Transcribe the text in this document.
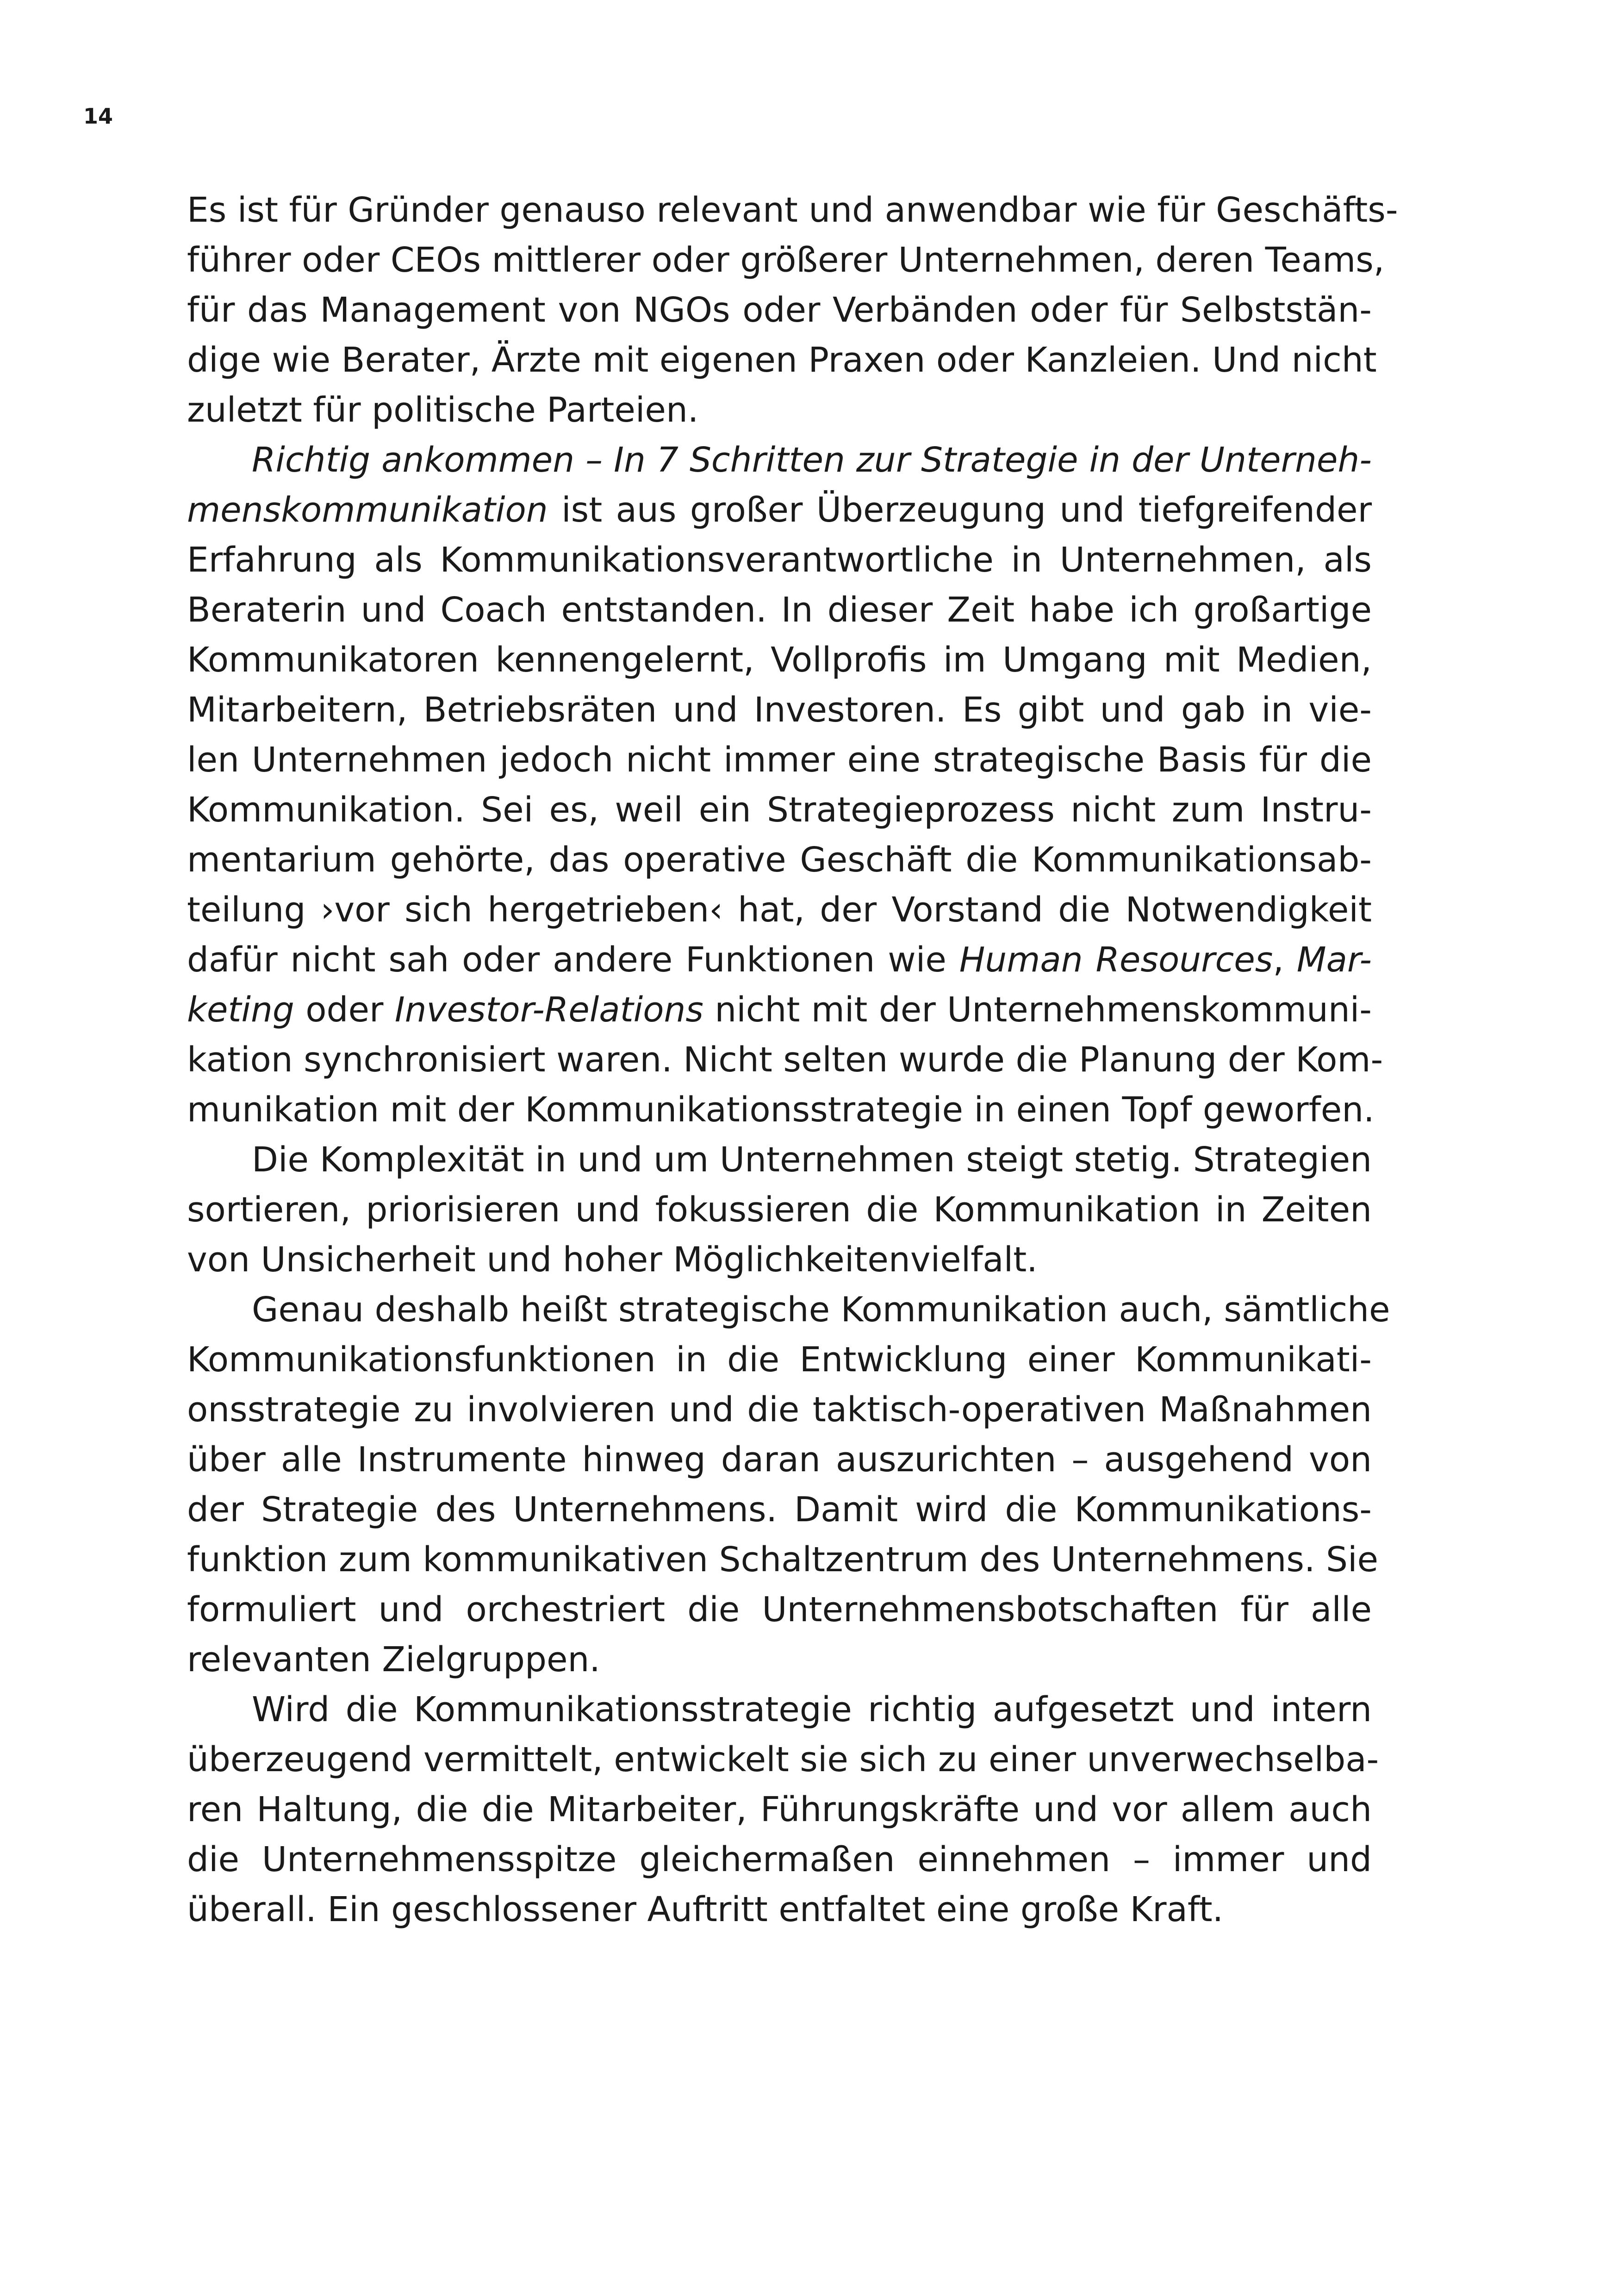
14
Es ist für Gründer genauso relevant und anwendbar wie für Geschäfts-
führer oder CEOs mittlerer oder größerer Unternehmen, deren Teams,
für das Management von NGOs oder Verbänden oder für Selbststän-
dige wie Berater, Ärzte mit eigenen Praxen oder Kanzleien. Und nicht
zuletzt für politische Parteien.
Richtig ankommen – In 7 Schritten zur Strategie in der Unterneh-
menskommunikation ist aus großer Überzeugung und tiefgreifender
Erfahrung als Kommunikationsverantwortliche in Unternehmen, als
Beraterin und Coach entstanden. In dieser Zeit habe ich großartige
Kommunikatoren kennengelernt, Vollprofis im Umgang mit Medien,
Mitarbeitern, Betriebsräten und Investoren. Es gibt und gab in vie-
len Unternehmen jedoch nicht immer eine strategische Basis für die
Kommunikation. Sei es, weil ein Strategieprozess nicht zum Instru-
mentarium gehörte, das operative Geschäft die Kommunikationsab-
teilung ›vor sich hergetrieben‹ hat, der Vorstand die Notwendigkeit
dafür nicht sah oder andere Funktionen wie Human Resources, Mar-
keting oder Investor-Relations nicht mit der Unternehmenskommuni-
kation synchronisiert waren. Nicht selten wurde die Planung der Kom-
munikation mit der Kommunikationsstrategie in einen Topf geworfen.
Die Komplexität in und um Unternehmen steigt stetig. Strategien
sortieren, priorisieren und fokussieren die Kommunikation in Zeiten
von Unsicherheit und hoher Möglichkeitenvielfalt.
Genau deshalb heißt strategische Kommunikation auch, sämtliche
Kommunikationsfunktionen in die Entwicklung einer Kommunikati-
onsstrategie zu involvieren und die taktisch-operativen Maßnahmen
über alle Instrumente hinweg daran auszurichten – ausgehend von
der Strategie des Unternehmens. Damit wird die Kommunikations-
funktion zum kommunikativen Schaltzentrum des Unternehmens. Sie
formuliert und orchestriert die Unternehmensbotschaften für alle
relevanten Zielgruppen.
Wird die Kommunikationsstrategie richtig aufgesetzt und intern
überzeugend vermittelt, entwickelt sie sich zu einer unverwechselba-
ren Haltung, die die Mitarbeiter, Führungskräfte und vor allem auch
die Unternehmensspitze gleichermaßen einnehmen – immer und
überall. Ein geschlossener Auftritt entfaltet eine große Kraft.
